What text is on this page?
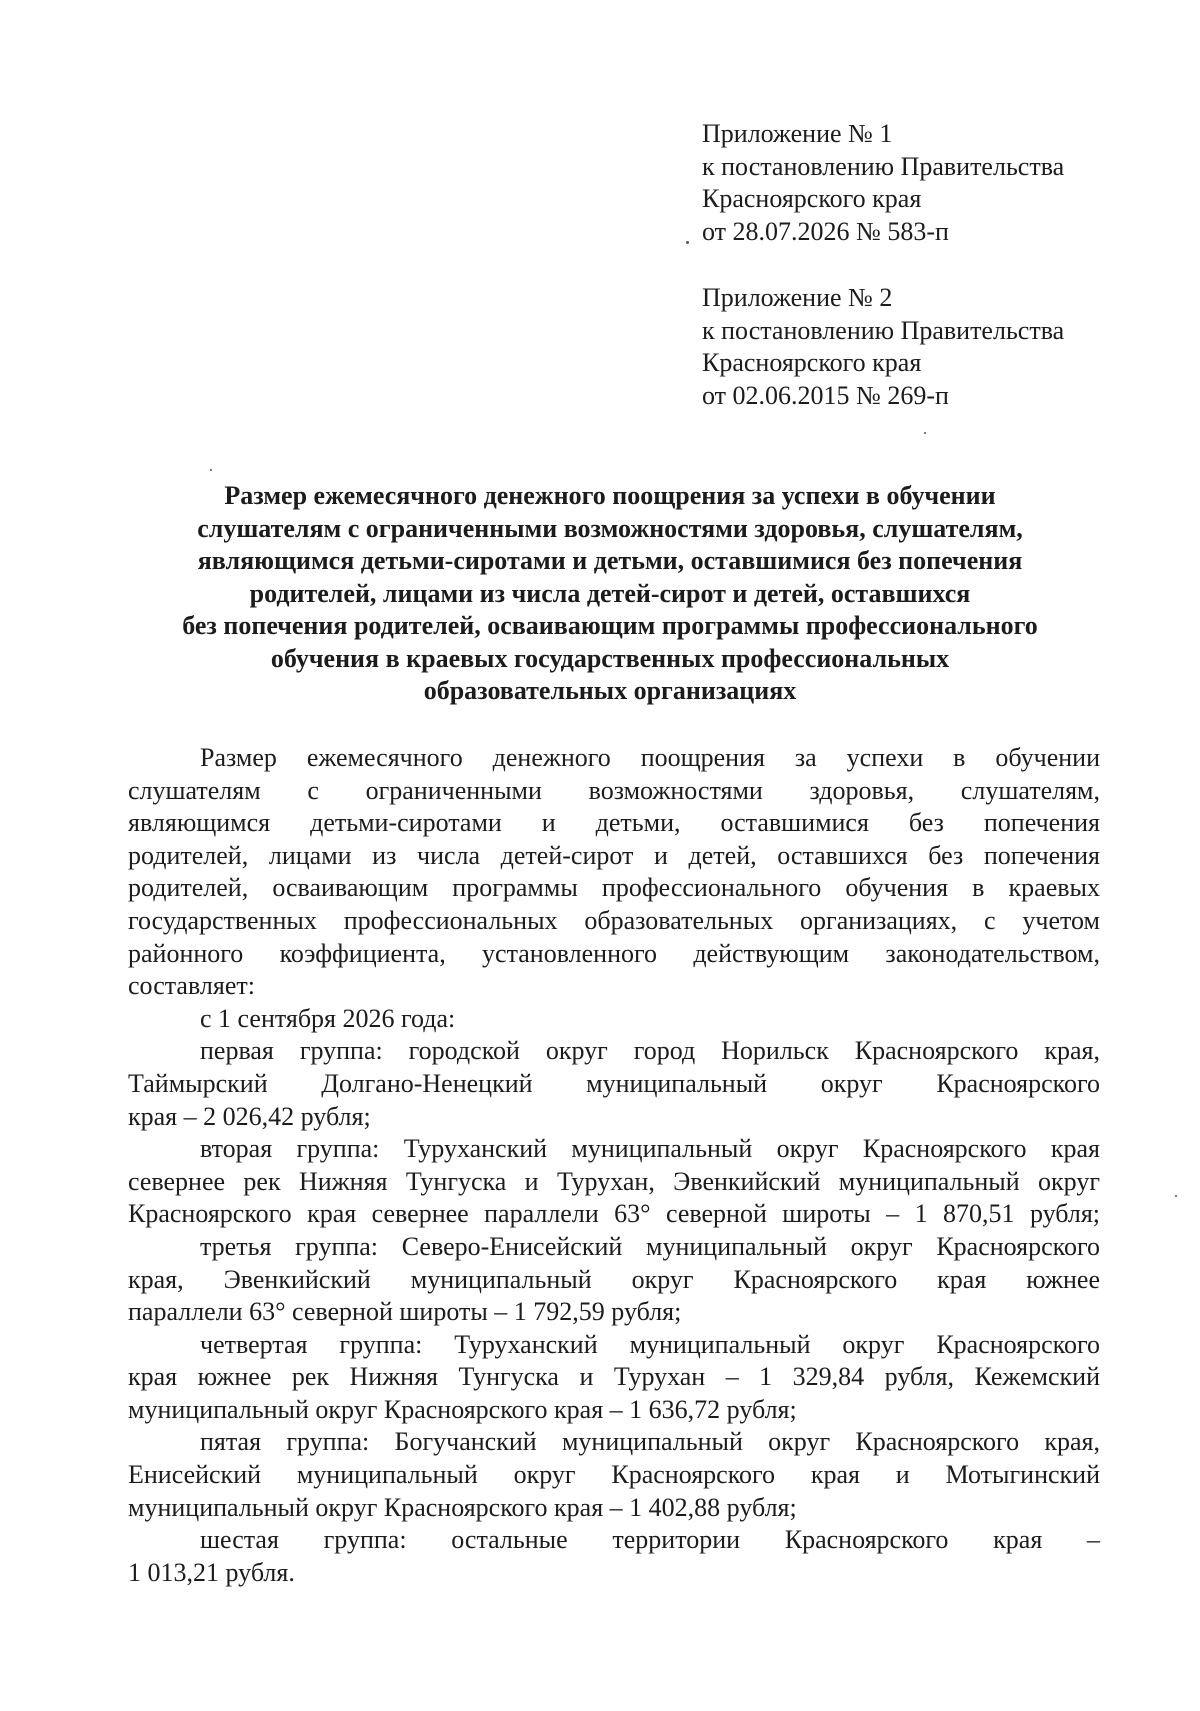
Приложение № 1
к постановлению Правительства
Красноярского края
от 28.07.2026 № 583-п
Приложение № 2
к постановлению Правительства
Красноярского края
от 02.06.2015 № 269-п
Размер ежемесячного денежного поощрения за успехи в обучении
слушателям с ограниченными возможностями здоровья, слушателям,
являющимся детьми-сиротами и детьми, оставшимися без попечения
родителей, лицами из числа детей-сирот и детей, оставшихся
без попечения родителей, осваивающим программы профессионального
обучения в краевых государственных профессиональных
образовательных организациях
Размер ежемесячного денежного поощрения за успехи в обучении
слушателям с ограниченными возможностями здоровья, слушателям,
являющимся детьми-сиротами и детьми, оставшимися без попечения
родителей, лицами из числа детей-сирот и детей, оставшихся без попечения
родителей, осваивающим программы профессионального обучения в краевых
государственных профессиональных образовательных организациях, с учетом
районного коэффициента, установленного действующим законодательством,
составляет:
с 1 сентября 2026 года:
первая группа: городской округ город Норильск Красноярского края,
Таймырский Долгано-Ненецкий муниципальный округ Красноярского
края – 2 026,42 рубля;
вторая группа: Туруханский муниципальный округ Красноярского края
севернее рек Нижняя Тунгуска и Турухан, Эвенкийский муниципальный округ
Красноярского края севернее параллели 63° северной широты – 1 870,51 рубля;
третья группа: Северо-Енисейский муниципальный округ Красноярского
края, Эвенкийский муниципальный округ Красноярского края южнее
параллели 63° северной широты – 1 792,59 рубля;
четвертая группа: Туруханский муниципальный округ Красноярского
края южнее рек Нижняя Тунгуска и Турухан – 1 329,84 рубля, Кежемский
муниципальный округ Красноярского края – 1 636,72 рубля;
пятая группа: Богучанский муниципальный округ Красноярского края,
Енисейский муниципальный округ Красноярского края и Мотыгинский
муниципальный округ Красноярского края – 1 402,88 рубля;
шестая группа: остальные территории Красноярского края –
1 013,21 рубля.
